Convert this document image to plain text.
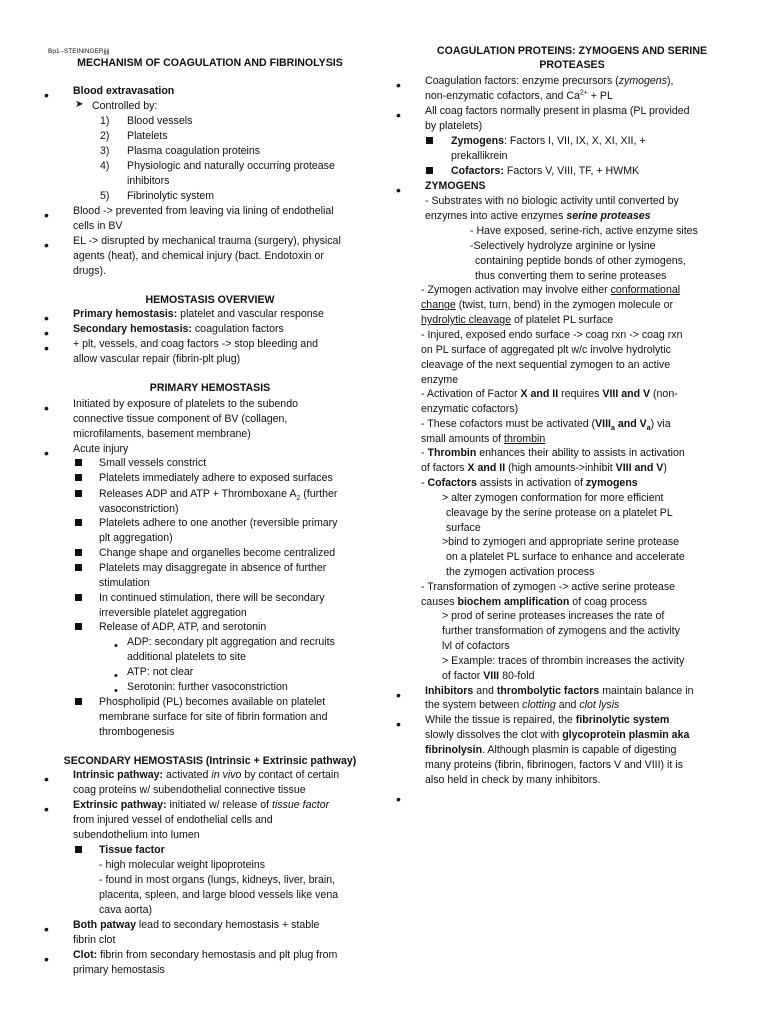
Bp1--STEININGERjjjj
MECHANISM OF COAGULATION AND FIBRINOLYSIS
• Blood extravasation
➤ Controlled by:
1) Blood vessels
2) Platelets
3) Plasma coagulation proteins
4) Physiologic and naturally occurring protease
inhibitors
5) Fibrinolytic system
• Blood -> prevented from leaving via lining of endothelial
cells in BV
• EL -> disrupted by mechanical trauma (surgery), physical
agents (heat), and chemical injury (bact. Endotoxin or
drugs).
HEMOSTASIS OVERVIEW
• Primary hemostasis: platelet and vascular response
• Secondary hemostasis: coagulation factors
• + plt, vessels, and coag factors -> stop bleeding and
allow vascular repair (fibrin-plt plug)
PRIMARY HEMOSTASIS
• Initiated by exposure of platelets to the subendo
connective tissue component of BV (collagen,
microfilaments, basement membrane)
• Acute injury
Small vessels constrict
Platelets immediately adhere to exposed surfaces
Releases ADP and ATP + Thromboxane $A_2$ (further
vasoconstriction)
Platelets adhere to one another (reversible primary
plt aggregation)
Change shape and organelles become centralized
Platelets may disaggregate in absence of further
stimulation
In continued stimulation, there will be secondary
irreversible platelet aggregation
Release of ADP, ATP, and serotonin
• ADP: secondary plt aggregation and recruits
additional platelets to site
• ATP: not clear
• Serotonin: further vasoconstriction
Phospholipid (PL) becomes available on platelet
membrane surface for site of fibrin formation and
thrombogenesis
SECONDARY HEMOSTASIS (Intrinsic + Extrinsic pathway)
• Intrinsic pathway: activated in vivo by contact of certain
coag proteins w/ subendothelial connective tissue
• Extrinsic pathway: initiated w/ release of tissue factor
from injured vessel of endothelial cells and
subendothelium into lumen
Tissue factor
- high molecular weight lipoproteins
- found in most organs (lungs, kidneys, liver, brain,
placenta, spleen, and large blood vessels like vena
cava aorta)
• Both patway lead to secondary hemostasis + stable
fibrin clot
• Clot: fibrin from secondary hemostasis and plt plug from
primary hemostasis
COAGULATION PROTEINS: ZYMOGENS AND SERINE
PROTEASES
• Coagulation factors: enzyme precursors (zymogens),
non-enzymatic cofactors, and $Ca^{2+}$ + PL
• All coag factors normally present in plasma (PL provided
by platelets)
Zymogens: Factors I, VII, IX, X, XI, XII, +
prekallikrein
Cofactors: Factors V, VIII, TF, + HWMK
• ZYMOGENS
- Substrates with no biologic activity until converted by
enzymes into active enzymes serine proteases
- Have exposed, serine-rich, active enzyme sites
-Selectively hydrolyze arginine or lysine
containing peptide bonds of other zymogens,
thus converting them to serine proteases
- Zymogen activation may involve either conformational
change (twist, turn, bend) in the zymogen molecule or
hydrolytic cleavage of platelet PL surface
- Injured, exposed endo surface -> coag rxn -> coag rxn
on PL surface of aggregated plt w/c involve hydrolytic
cleavage of the next sequential zymogen to an active
enzyme
- Activation of Factor X and II requires VIII and V (non-
enzymatic cofactors)
- These cofactors must be activated ($VIII_a$ and $V_a$) via
small amounts of thrombin
- Thrombin enhances their ability to assists in activation
of factors X and II (high amounts->inhibit VIII and V)
- Cofactors assists in activation of zymogens
> alter zymogen conformation for more efficient
cleavage by the serine protease on a platelet PL
surface
>bind to zymogen and appropriate serine protease
on a platelet PL surface to enhance and accelerate
the zymogen activation process
- Transformation of zymogen -> active serine protease
causes biochem amplification of coag process
> prod of serine proteases increases the rate of
further transformation of zymogens and the activity
lvl of cofactors
> Example: traces of thrombin increases the activity
of factor VIII 80-fold
• Inhibitors and thrombolytic factors maintain balance in
the system between clotting and clot lysis
• While the tissue is repaired, the fibrinolytic system
slowly dissolves the clot with glycoprotein plasmin aka
fibrinolysin. Although plasmin is capable of digesting
many proteins (fibrin, fibrinogen, factors V and VIII) it is
also held in check by many inhibitors.
•
